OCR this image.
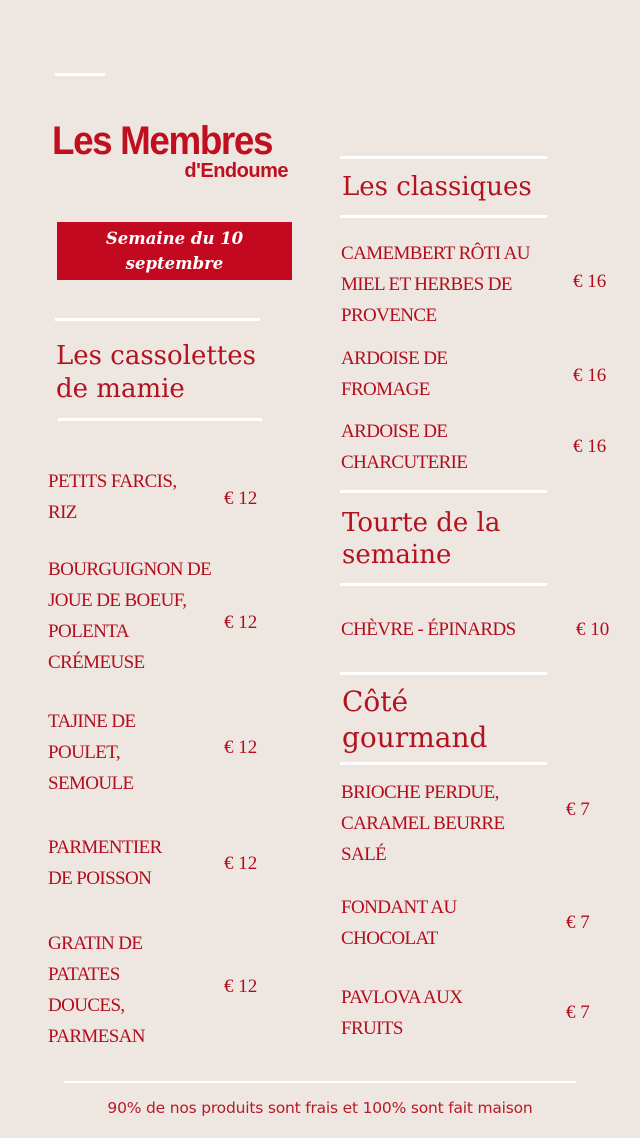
Les Membres
d'Endoume
Semaine du 10
septembre
Les cassolettes
de mamie
PETITS FARCIS,
RIZ
€ 12
BOURGUIGNON DE
JOUE DE BOEUF,
POLENTA
CRÉMEUSE
€ 12
TAJINE DE
POULET,
SEMOULE
€ 12
PARMENTIER
DE POISSON
€ 12
GRATIN DE
PATATES
DOUCES,
PARMESAN
€ 12
Les classiques
CAMEMBERT RÔTI AU
MIEL ET HERBES DE
PROVENCE
€ 16
ARDOISE DE
FROMAGE
€ 16
ARDOISE DE
CHARCUTERIE
€ 16
Tourte de la
semaine
CHÈVRE - ÉPINARDS	€ 10
Côté
gourmand
BRIOCHE PERDUE,
CARAMEL BEURRE
SALÉ
€ 7
FONDANT AU
CHOCOLAT
€ 7
PAVLOVA AUX
FRUITS
€ 7
90% de nos produits sont frais et 100% sont fait maison
